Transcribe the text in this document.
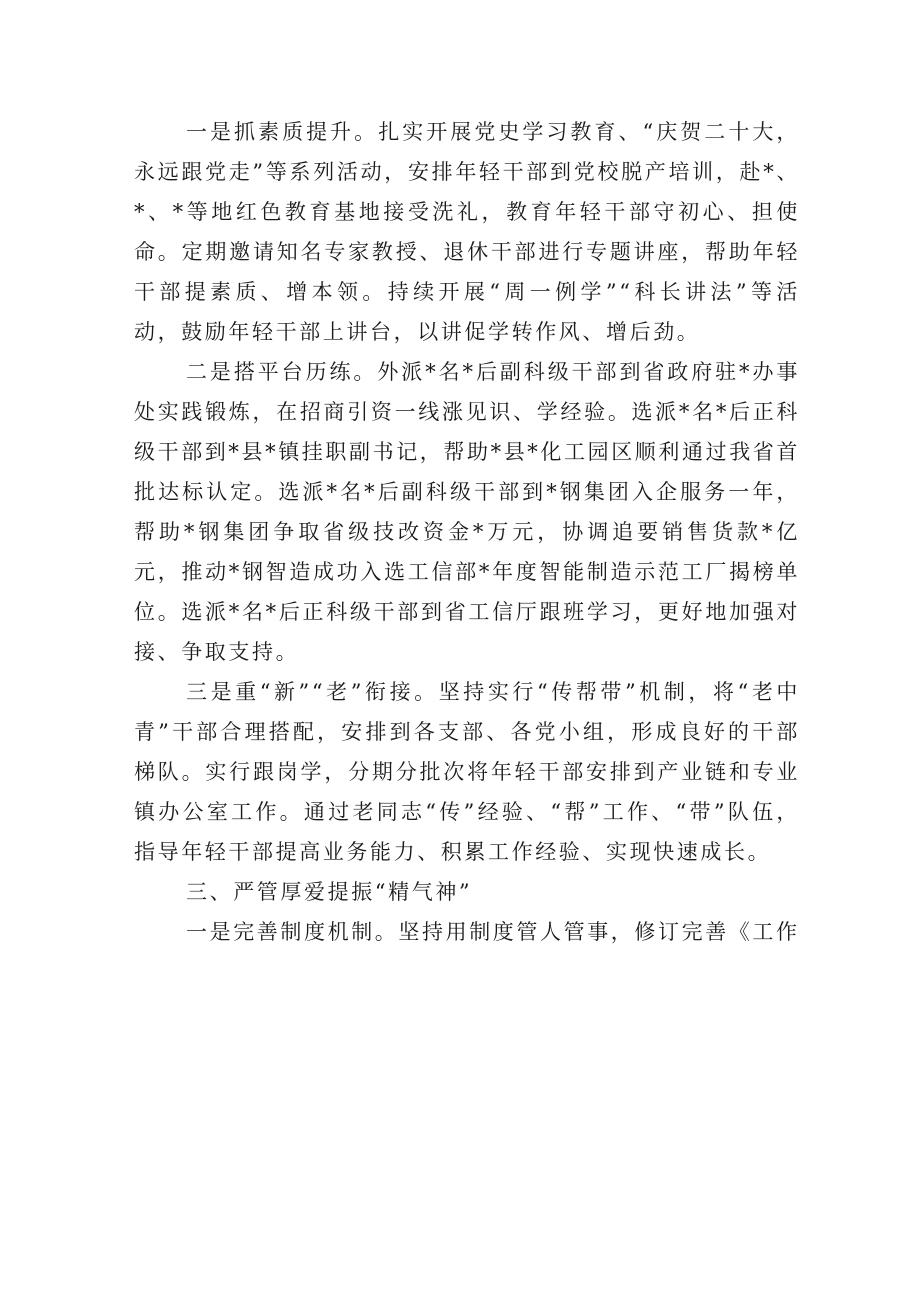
一是抓素质提升。扎实开展党史学习教育、“庆贺二十大，永远跟党走”等系列活动，安排年轻干部到党校脱产培训，赴*、*、*等地红色教育基地接受洗礼，教育年轻干部守初心、担使命。定期邀请知名专家教授、退休干部进行专题讲座，帮助年轻干部提素质、增本领。持续开展“周一例学”“科长讲法”等活动，鼓励年轻干部上讲台，以讲促学转作风、增后劲。

二是搭平台历练。外派*名*后副科级干部到省政府驻*办事处实践锻炼，在招商引资一线涨见识、学经验。选派*名*后正科级干部到*县*镇挂职副书记，帮助*县*化工园区顺利通过我省首批达标认定。选派*名*后副科级干部到*钢集团入企服务一年，帮助*钢集团争取省级技改资金*万元，协调追要销售货款*亿元，推动*钢智造成功入选工信部*年度智能制造示范工厂揭榜单位。选派*名*后正科级干部到省工信厅跟班学习，更好地加强对接、争取支持。

三是重“新”“老”衔接。坚持实行“传帮带”机制，将“老中青”干部合理搭配，安排到各支部、各党小组，形成良好的干部梯队。实行跟岗学，分期分批次将年轻干部安排到产业链和专业镇办公室工作。通过老同志“传”经验、“帮”工作、“带”队伍，指导年轻干部提高业务能力、积累工作经验、实现快速成长。

三、严管厚爱提振“精气神”

一是完善制度机制。坚持用制度管人管事，修订完善《工作
